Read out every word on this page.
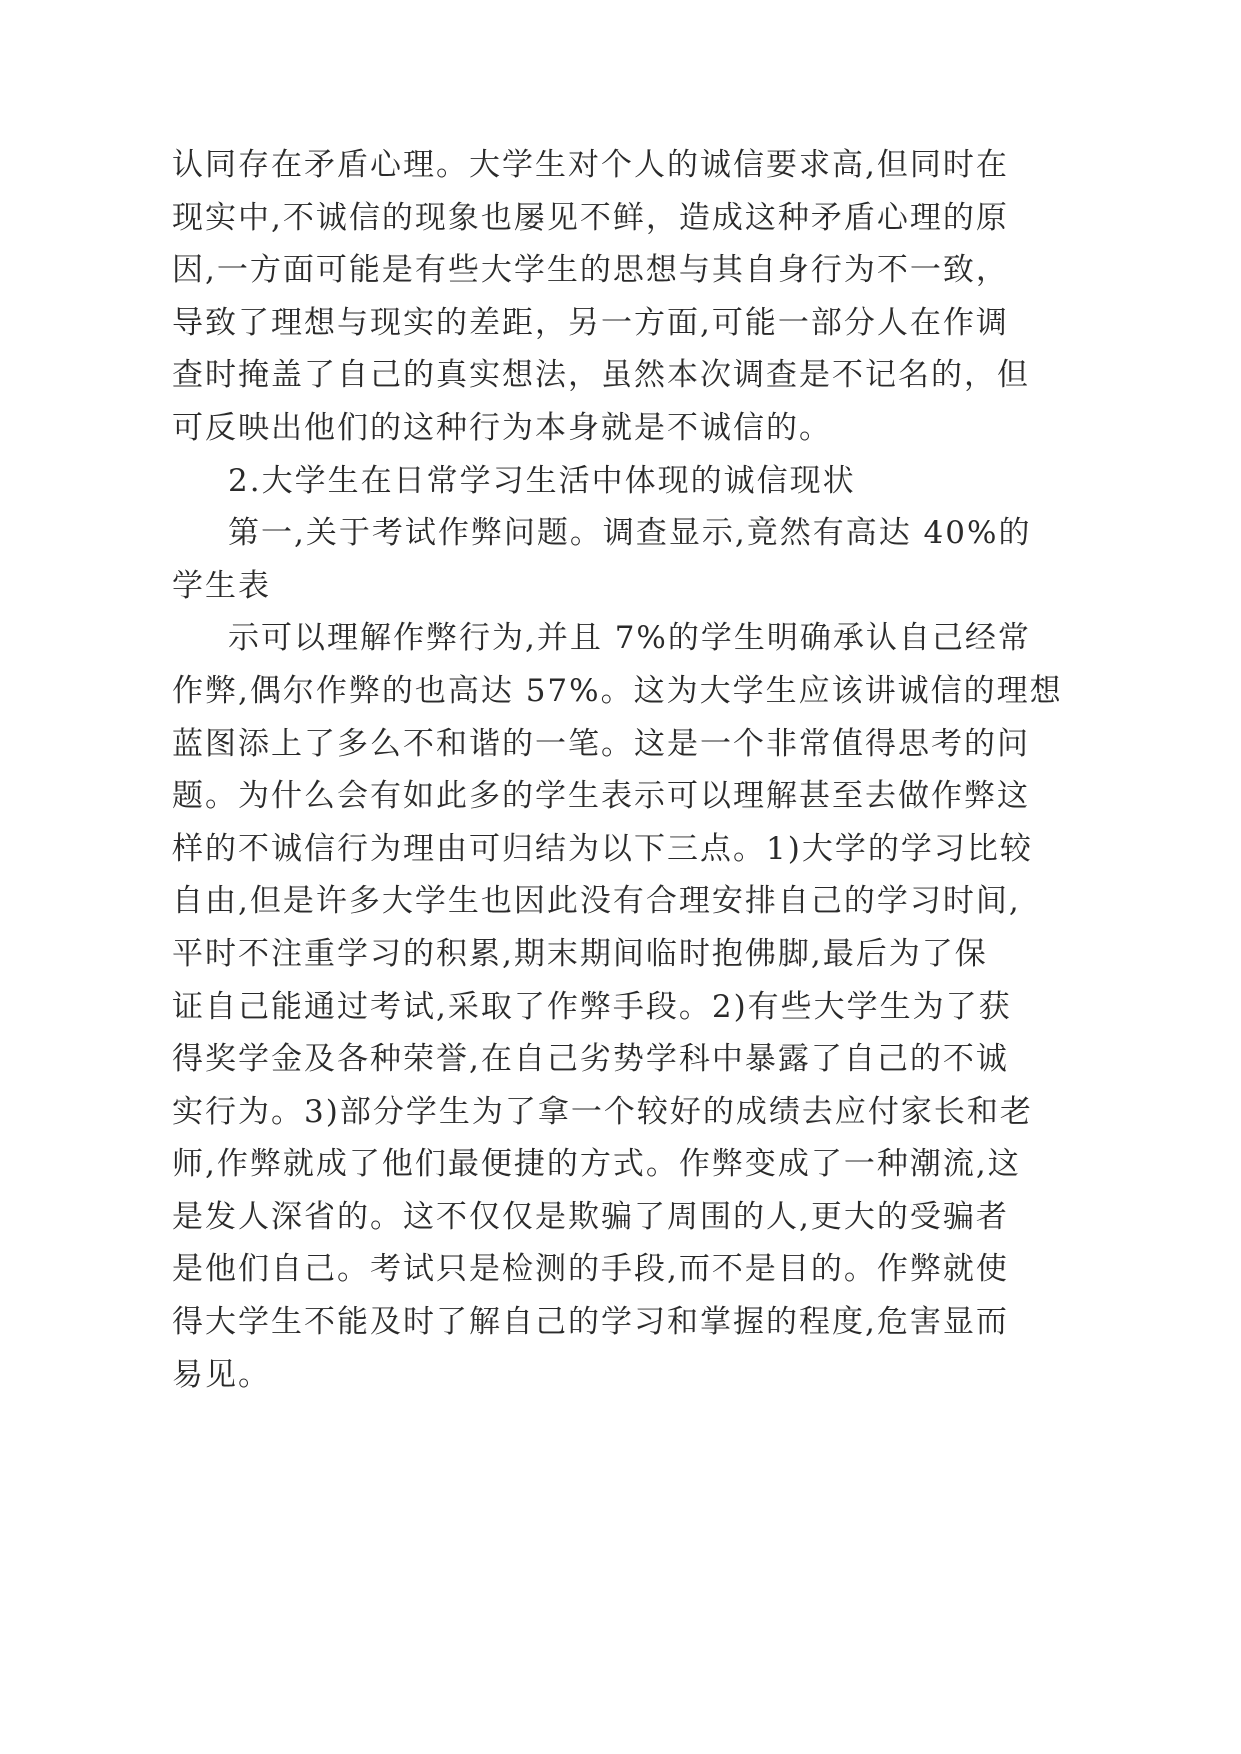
认同存在矛盾心理。大学生对个人的诚信要求高,但同时在
现实中,不诚信的现象也屡见不鲜，造成这种矛盾心理的原
因,一方面可能是有些大学生的思想与其自身行为不一致，
导致了理想与现实的差距，另一方面,可能一部分人在作调
查时掩盖了自己的真实想法，虽然本次调查是不记名的，但
可反映出他们的这种行为本身就是不诚信的。
2.大学生在日常学习生活中体现的诚信现状
第一,关于考试作弊问题。调查显示,竟然有高达 40%的
学生表
示可以理解作弊行为,并且 7%的学生明确承认自己经常
作弊,偶尔作弊的也高达 57%。这为大学生应该讲诚信的理想
蓝图添上了多么不和谐的一笔。这是一个非常值得思考的问
题。为什么会有如此多的学生表示可以理解甚至去做作弊这
样的不诚信行为理由可归结为以下三点。1)大学的学习比较
自由,但是许多大学生也因此没有合理安排自己的学习时间,
平时不注重学习的积累,期末期间临时抱佛脚,最后为了保
证自己能通过考试,采取了作弊手段。2)有些大学生为了获
得奖学金及各种荣誉,在自己劣势学科中暴露了自己的不诚
实行为。3)部分学生为了拿一个较好的成绩去应付家长和老
师,作弊就成了他们最便捷的方式。作弊变成了一种潮流,这
是发人深省的。这不仅仅是欺骗了周围的人,更大的受骗者
是他们自己。考试只是检测的手段,而不是目的。作弊就使
得大学生不能及时了解自己的学习和掌握的程度,危害显而
易见。
